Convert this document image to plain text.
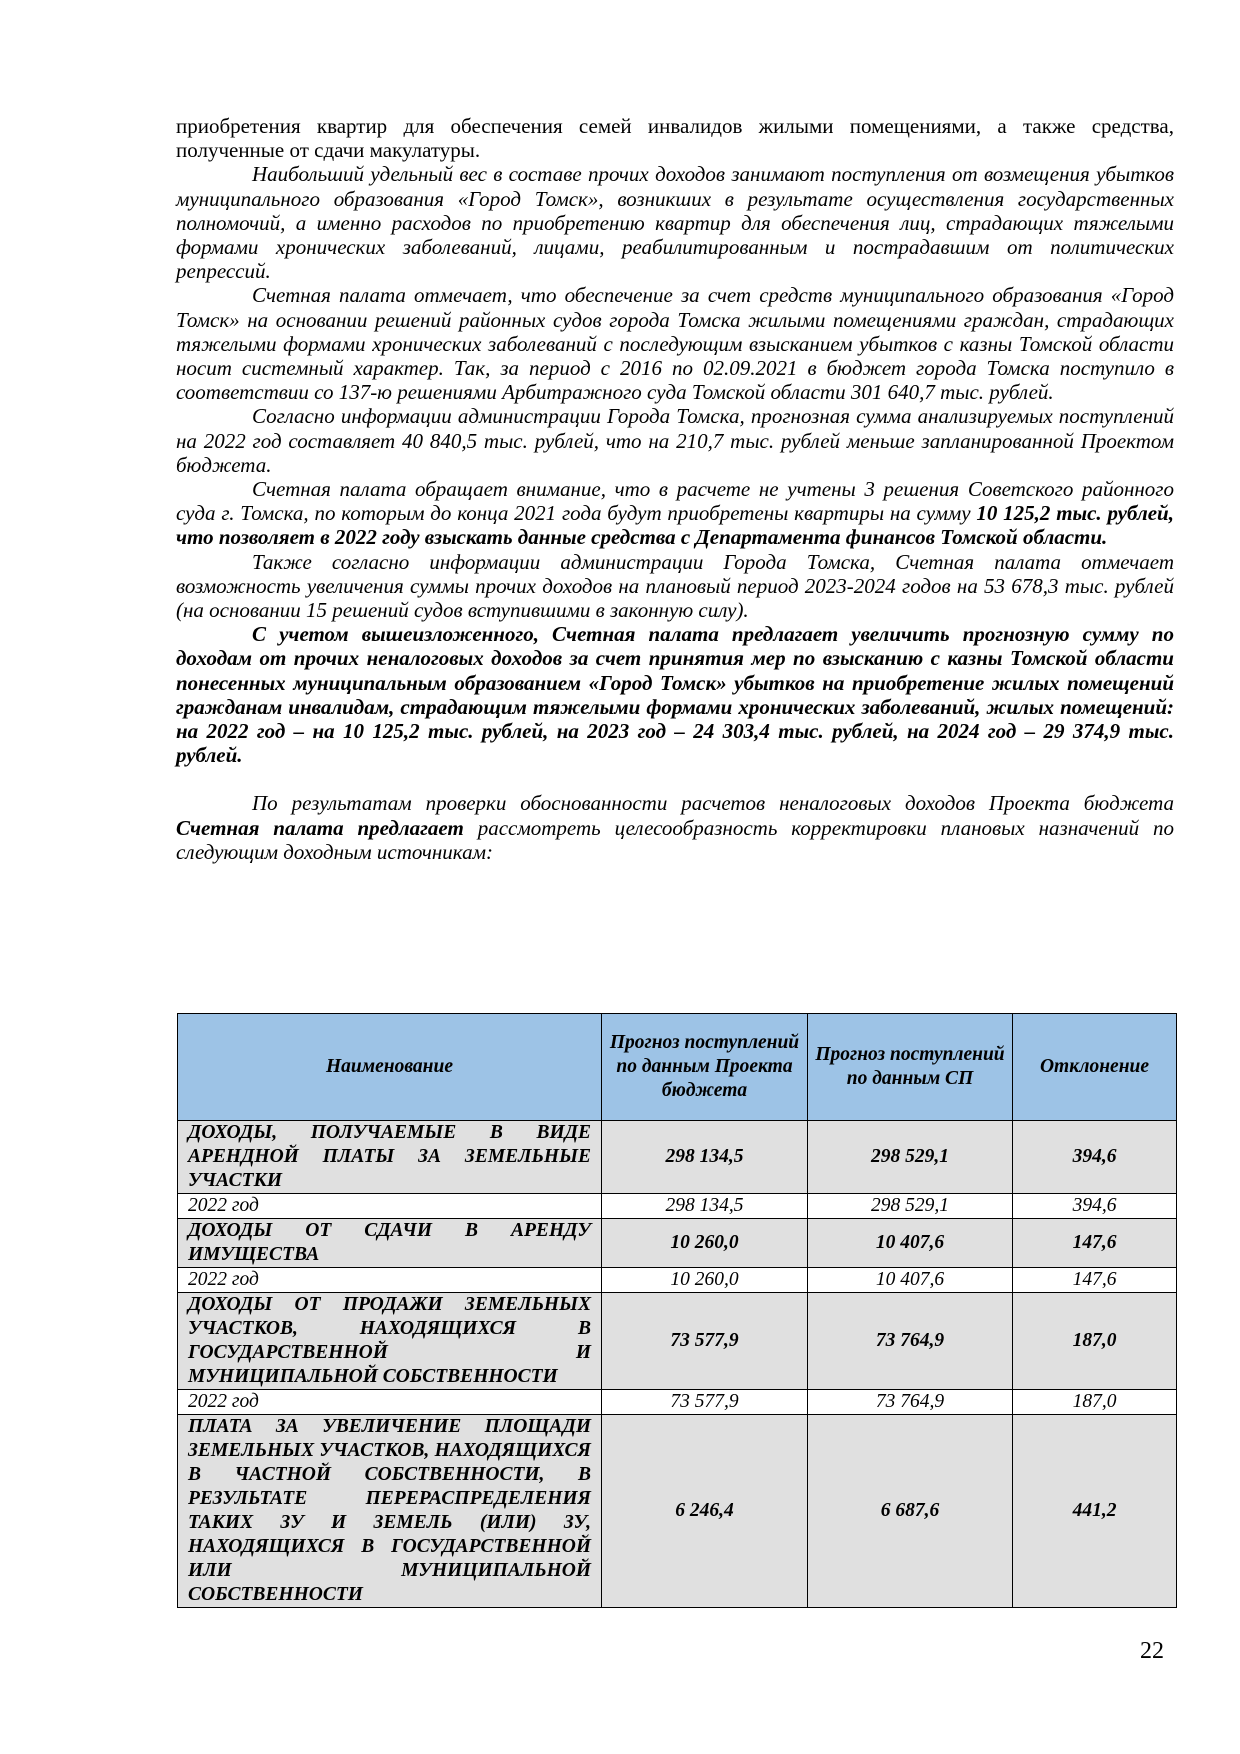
приобретения квартир для обеспечения семей инвалидов жилыми помещениями, а также средства, полученные от сдачи макулатуры.

Наибольший удельный вес в составе прочих доходов занимают поступления от возмещения убытков муниципального образования «Город Томск», возникших в результате осуществления государственных полномочий, а именно расходов по приобретению квартир для обеспечения лиц, страдающих тяжелыми формами хронических заболеваний, лицами, реабилитированным и пострадавшим от политических репрессий.

Счетная палата отмечает, что обеспечение за счет средств муниципального образования «Город Томск» на основании решений районных судов города Томска жилыми помещениями граждан, страдающих тяжелыми формами хронических заболеваний с последующим взысканием убытков с казны Томской области носит системный характер. Так, за период с 2016 по 02.09.2021 в бюджет города Томска поступило в соответствии со 137-ю решениями Арбитражного суда Томской области 301 640,7 тыс. рублей.

Согласно информации администрации Города Томска, прогнозная сумма анализируемых поступлений на 2022 год составляет 40 840,5 тыс. рублей, что на 210,7 тыс. рублей меньше запланированной Проектом бюджета.

Счетная палата обращает внимание, что в расчете не учтены 3 решения Советского районного суда г. Томска, по которым до конца 2021 года будут приобретены квартиры на сумму 10 125,2 тыс. рублей, что позволяет в 2022 году взыскать данные средства с Департамента финансов Томской области.

Также согласно информации администрации Города Томска, Счетная палата отмечает возможность увеличения суммы прочих доходов на плановый период 2023-2024 годов на 53 678,3 тыс. рублей (на основании 15 решений судов вступившими в законную силу).

С учетом вышеизложенного, Счетная палата предлагает увеличить прогнозную сумму по доходам от прочих неналоговых доходов за счет принятия мер по взысканию с казны Томской области понесенных муниципальным образованием «Город Томск» убытков на приобретение жилых помещений гражданам инвалидам, страдающим тяжелыми формами хронических заболеваний, жилых помещений: на 2022 год – на 10 125,2 тыс. рублей, на 2023 год – 24 303,4 тыс. рублей, на 2024 год – 29 374,9 тыс. рублей.

По результатам проверки обоснованности расчетов неналоговых доходов Проекта бюджета Счетная палата предлагает рассмотреть целесообразность корректировки плановых назначений по следующим доходным источникам:

Наименование	Прогноз поступлений по данным Проекта бюджета	Прогноз поступлений по данным СП	Отклонение
ДОХОДЫ, ПОЛУЧАЕМЫЕ В ВИДЕ АРЕНДНОЙ ПЛАТЫ ЗА ЗЕМЕЛЬНЫЕ УЧАСТКИ	298 134,5	298 529,1	394,6
2022 год	298 134,5	298 529,1	394,6
ДОХОДЫ ОТ СДАЧИ В АРЕНДУ ИМУЩЕСТВА	10 260,0	10 407,6	147,6
2022 год	10 260,0	10 407,6	147,6
ДОХОДЫ ОТ ПРОДАЖИ ЗЕМЕЛЬНЫХ УЧАСТКОВ, НАХОДЯЩИХСЯ В ГОСУДАРСТВЕННОЙ И МУНИЦИПАЛЬНОЙ СОБСТВЕННОСТИ	73 577,9	73 764,9	187,0
2022 год	73 577,9	73 764,9	187,0
ПЛАТА ЗА УВЕЛИЧЕНИЕ ПЛОЩАДИ ЗЕМЕЛЬНЫХ УЧАСТКОВ, НАХОДЯЩИХСЯ В ЧАСТНОЙ СОБСТВЕННОСТИ, В РЕЗУЛЬТАТЕ ПЕРЕРАСПРЕДЕЛЕНИЯ ТАКИХ ЗУ И ЗЕМЕЛЬ (ИЛИ) ЗУ, НАХОДЯЩИХСЯ В ГОСУДАРСТВЕННОЙ ИЛИ МУНИЦИПАЛЬНОЙ СОБСТВЕННОСТИ	6 246,4	6 687,6	441,2
22
